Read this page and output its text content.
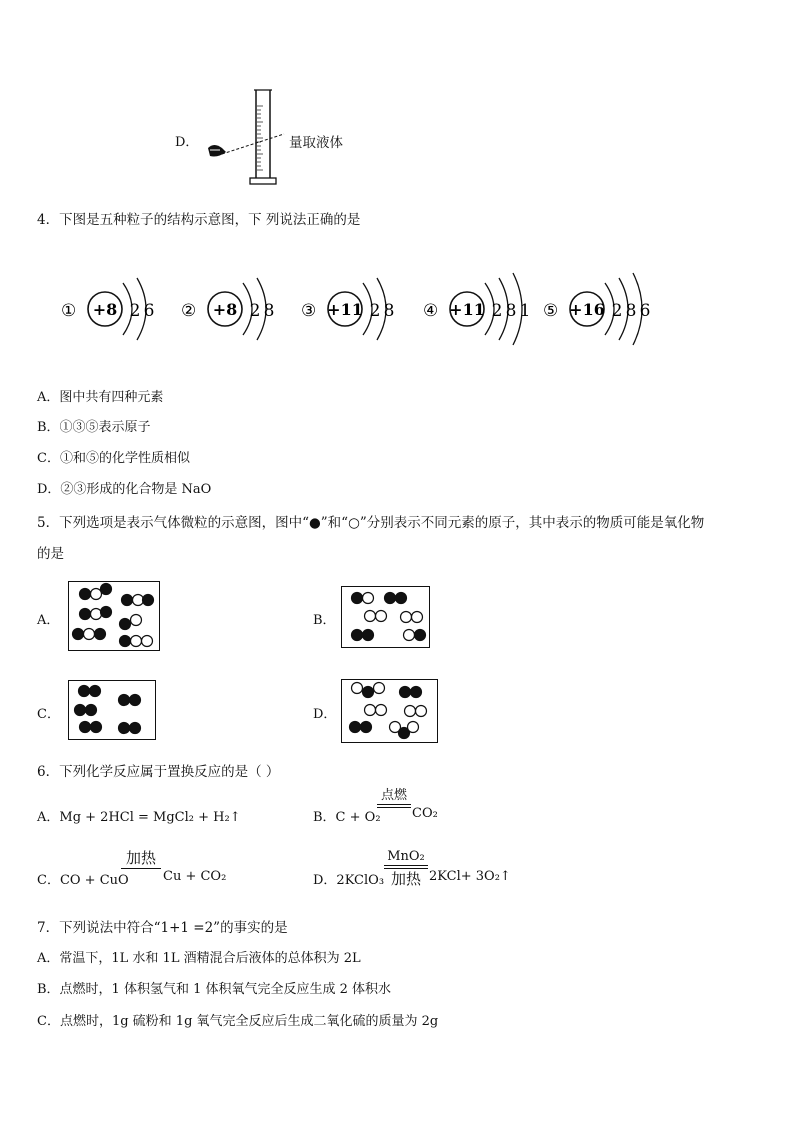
D．	量取液体
4．下图是五种粒子的结构示意图，下 列说法正确的是
① +8 2 6 ② +8 2 8 ③ +11 2 8 ④ +11 2 8 1 ⑤ +16 2 8 6
A．图中共有四种元素
B．①③⑤表示原子
C．①和⑤的化学性质相似
D．②③形成的化合物是 NaO
5．下列选项是表示气体微粒的示意图，图中“●”和“○”分别表示不同元素的原子，其中表示的物质可能是氧化物
的是
A．	B．
C．	D．
6．下列化学反应属于置换反应的是（ ）
A．Mg + 2HCl = MgCl₂ + H₂↑	B．C + O₂
点燃
CO₂
C．CO + CuO
加热
Cu + CO₂	D．2KClO₃
MnO₂
加热 2KCl+ 3O₂↑
7．下列说法中符合“1+1 =2”的事实的是
A．常温下，1L 水和 1L 酒精混合后液体的总体积为 2L
B．点燃时，1 体积氢气和 1 体积氧气完全反应生成 2 体积水
C．点燃时，1g 硫粉和 1g 氧气完全反应后生成二氧化硫的质量为 2g
